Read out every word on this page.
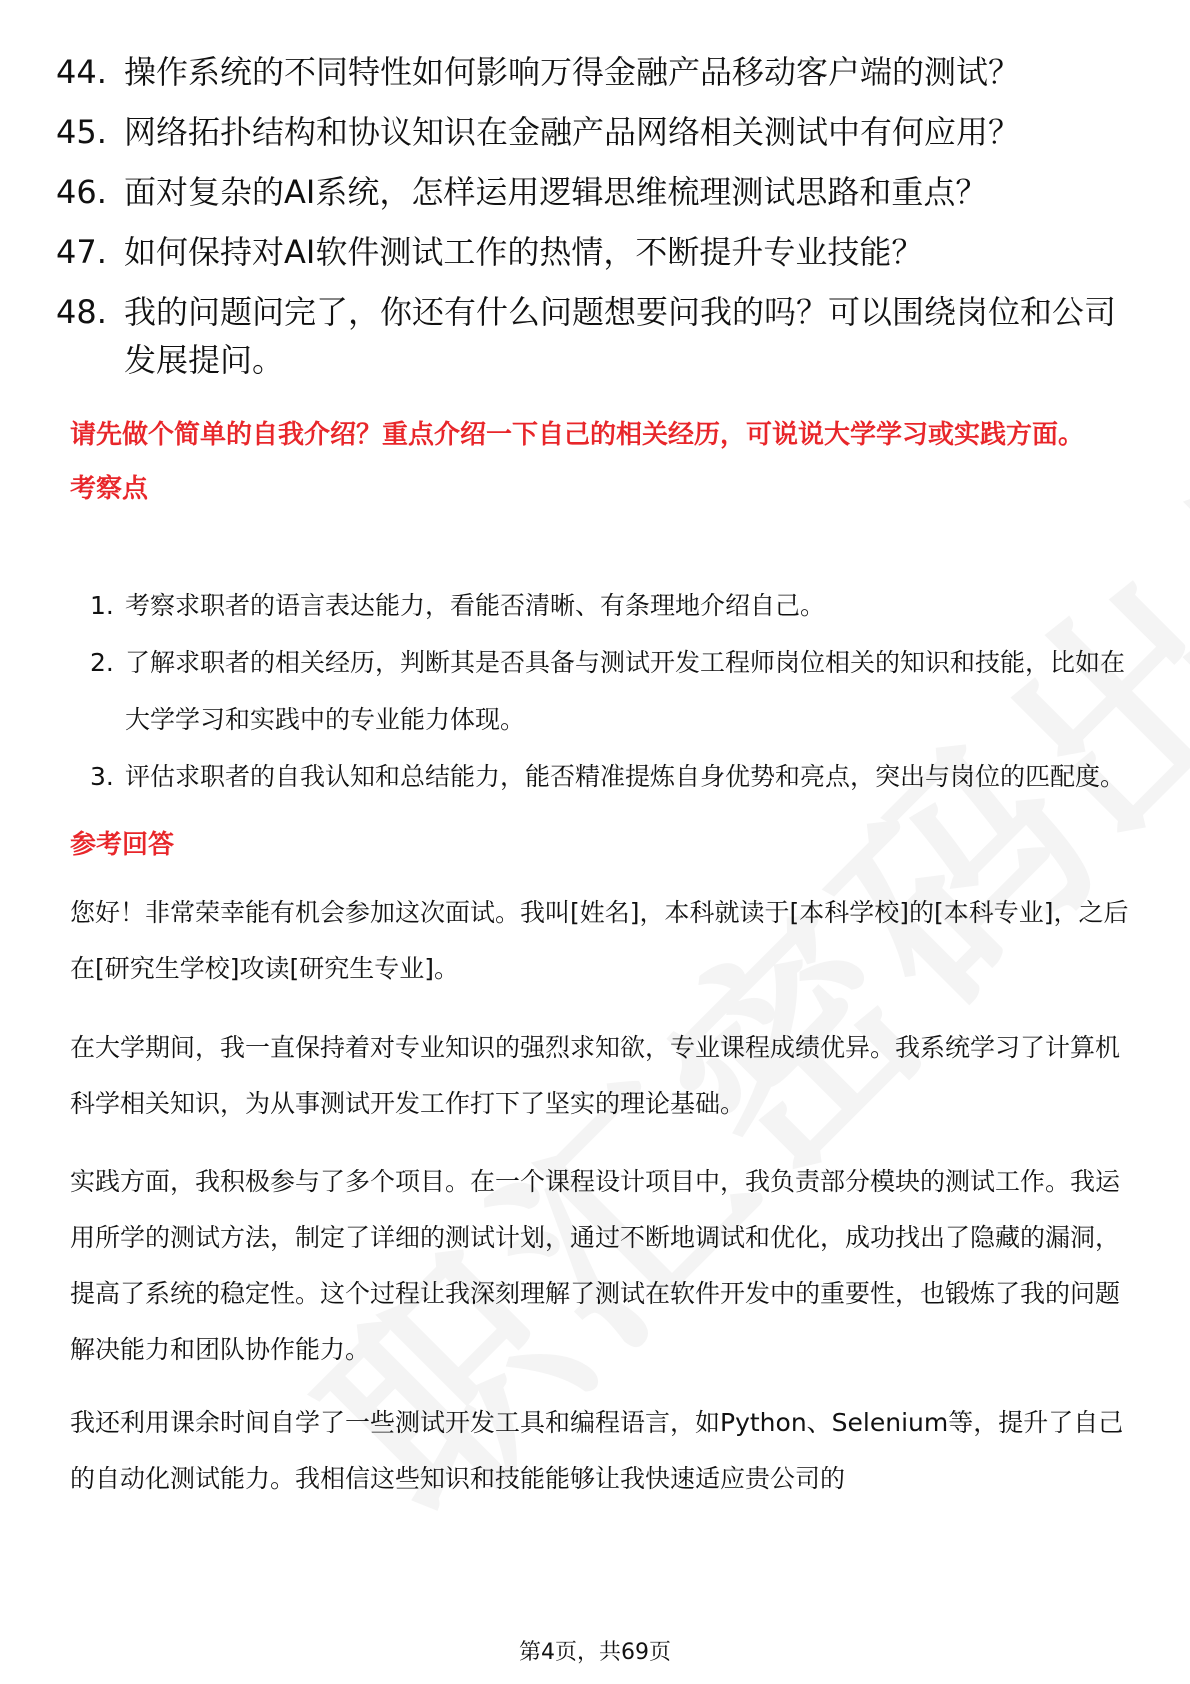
44. 操作系统的不同特性如何影响万得金融产品移动客户端的测试？
45. 网络拓扑结构和协议知识在金融产品网络相关测试中有何应用？
46. 面对复杂的AI系统，怎样运用逻辑思维梳理测试思路和重点？
47. 如何保持对AI软件测试工作的热情，不断提升专业技能？
48. 我的问题问完了，你还有什么问题想要问我的吗？可以围绕岗位和公司发展提问。

请先做个简单的自我介绍？重点介绍一下自己的相关经历，可说说大学学习或实践方面。

考察点

1. 考察求职者的语言表达能力，看能否清晰、有条理地介绍自己。
2. 了解求职者的相关经历，判断其是否具备与测试开发工程师岗位相关的知识和技能，比如在大学学习和实践中的专业能力体现。
3. 评估求职者的自我认知和总结能力，能否精准提炼自身优势和亮点，突出与岗位的匹配度。

参考回答

您好！非常荣幸能有机会参加这次面试。我叫[姓名]，本科就读于[本科学校]的[本科专业]，之后在[研究生学校]攻读[研究生专业]。

在大学期间，我一直保持着对专业知识的强烈求知欲，专业课程成绩优异。我系统学习了计算机科学相关知识，为从事测试开发工作打下了坚实的理论基础。

实践方面，我积极参与了多个项目。在一个课程设计项目中，我负责部分模块的测试工作。我运用所学的测试方法，制定了详细的测试计划，通过不断地调试和优化，成功找出了隐藏的漏洞，提高了系统的稳定性。这个过程让我深刻理解了测试在软件开发中的重要性，也锻炼了我的问题解决能力和团队协作能力。

我还利用课余时间自学了一些测试开发工具和编程语言，如Python、Selenium等，提升了自己的自动化测试能力。我相信这些知识和技能能够让我快速适应贵公司的

第4页，共69页
